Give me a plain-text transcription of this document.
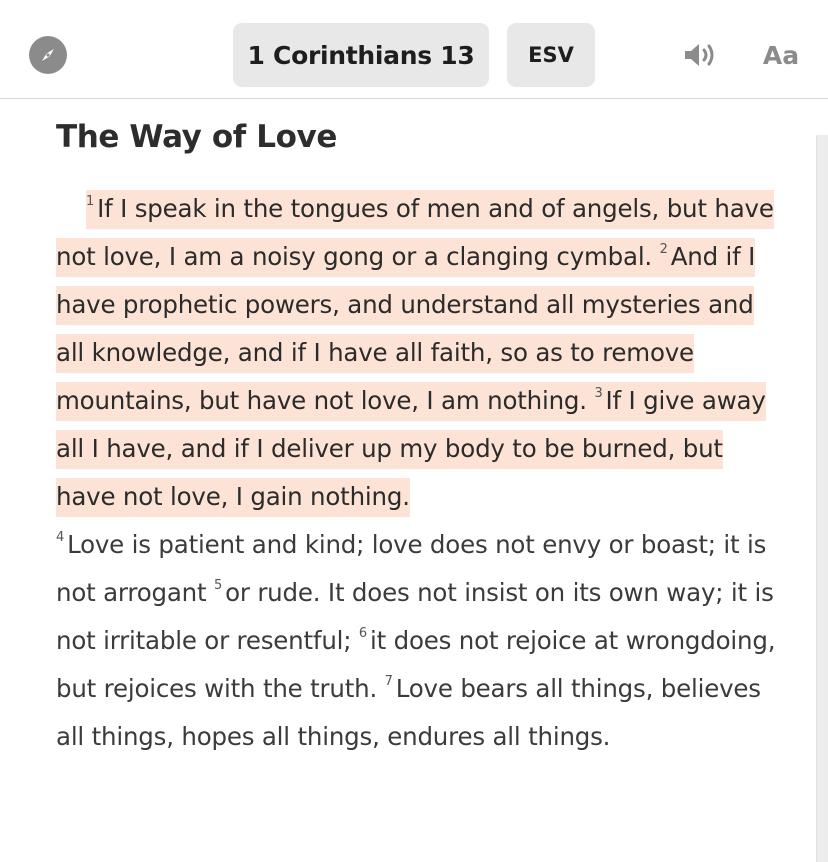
1 Corinthians 13	ESV	Aa
The Way of Love

$^1$ If I speak in the tongues of men and of angels, but have not love, I am a noisy gong or a clanging cymbal. $^2$ And if I have prophetic powers, and understand all mysteries and all knowledge, and if I have all faith, so as to remove mountains, but have not love, I am nothing. $^3$ If I give away all I have, and if I deliver up my body to be burned, but have not love, I gain nothing.
$^4$ Love is patient and kind; love does not envy or boast; it is not arrogant $^5$ or rude. It does not insist on its own way; it is not irritable or resentful; $^6$ it does not rejoice at wrongdoing, but rejoices with the truth. $^7$ Love bears all things, believes all things, hopes all things, endures all things.
